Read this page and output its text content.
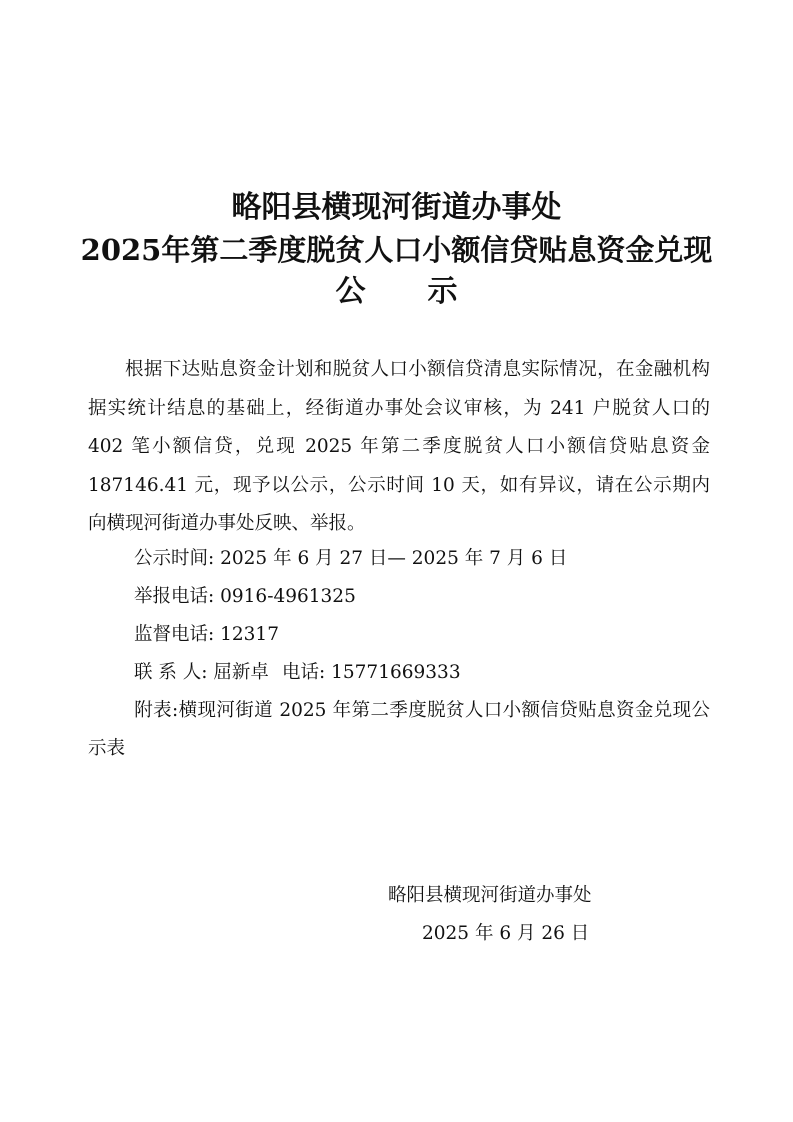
略阳县横现河街道办事处
2025年第二季度脱贫人口小额信贷贴息资金兑现
公示
根据下达贴息资金计划和脱贫人口小额信贷清息实际情况，在金融机构据实统计结息的基础上，经街道办事处会议审核，为 241 户脱贫人口的 402 笔小额信贷，兑现 2025 年第二季度脱贫人口小额信贷贴息资金 187146.41 元，现予以公示，公示时间 10 天，如有异议，请在公示期内向横现河街道办事处反映、举报。
公示时间: 2025 年 6 月 27 日— 2025 年 7 月 6 日
举报电话: 0916-4961325
监督电话: 12317
联 系 人: 屈新卓 电话: 15771669333
附表:横现河街道 2025 年第二季度脱贫人口小额信贷贴息资金兑现公示表
略阳县横现河街道办事处
2025 年 6 月 26 日
